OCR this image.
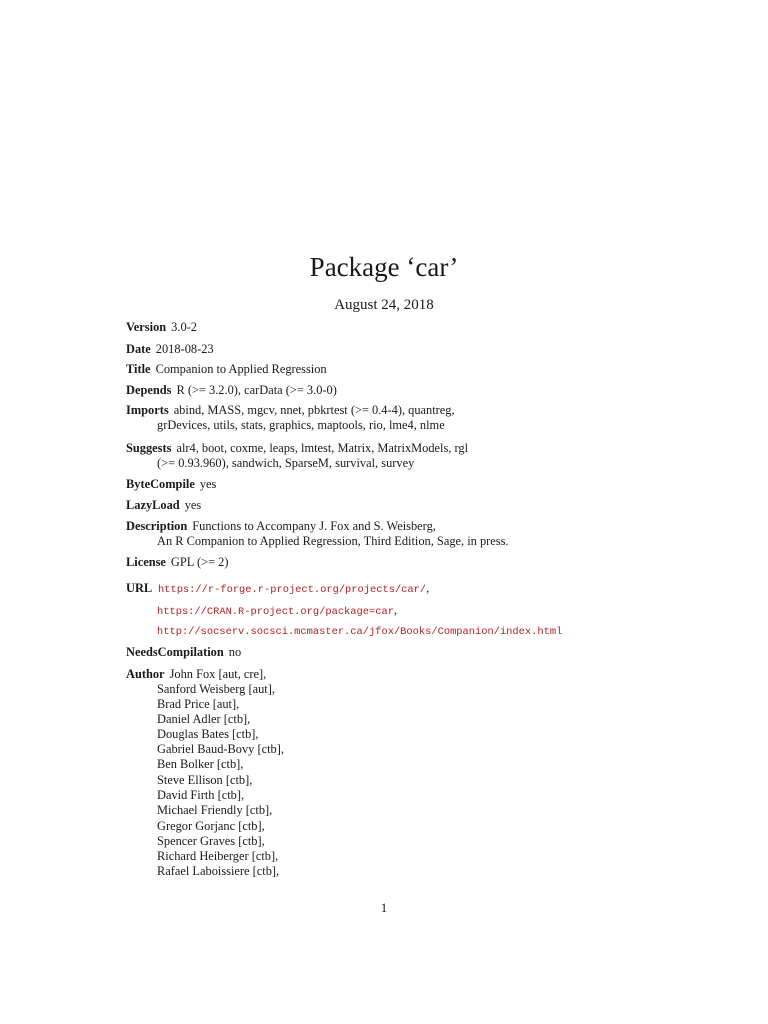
Package ‘car’
August 24, 2018
Version 3.0-2
Date 2018-08-23
Title Companion to Applied Regression
Depends R (>= 3.2.0), carData (>= 3.0-0)
Imports abind, MASS, mgcv, nnet, pbkrtest (>= 0.4-4), quantreg,
grDevices, utils, stats, graphics, maptools, rio, lme4, nlme
Suggests alr4, boot, coxme, leaps, lmtest, Matrix, MatrixModels, rgl
(>= 0.93.960), sandwich, SparseM, survival, survey
ByteCompile yes
LazyLoad yes
Description Functions to Accompany J. Fox and S. Weisberg,
An R Companion to Applied Regression, Third Edition, Sage, in press.
License GPL (>= 2)
URL https://r-forge.r-project.org/projects/car/,
https://CRAN.R-project.org/package=car,
http://socserv.socsci.mcmaster.ca/jfox/Books/Companion/index.html
NeedsCompilation no
Author John Fox [aut, cre],
Sanford Weisberg [aut],
Brad Price [aut],
Daniel Adler [ctb],
Douglas Bates [ctb],
Gabriel Baud-Bovy [ctb],
Ben Bolker [ctb],
Steve Ellison [ctb],
David Firth [ctb],
Michael Friendly [ctb],
Gregor Gorjanc [ctb],
Spencer Graves [ctb],
Richard Heiberger [ctb],
Rafael Laboissiere [ctb],
1
